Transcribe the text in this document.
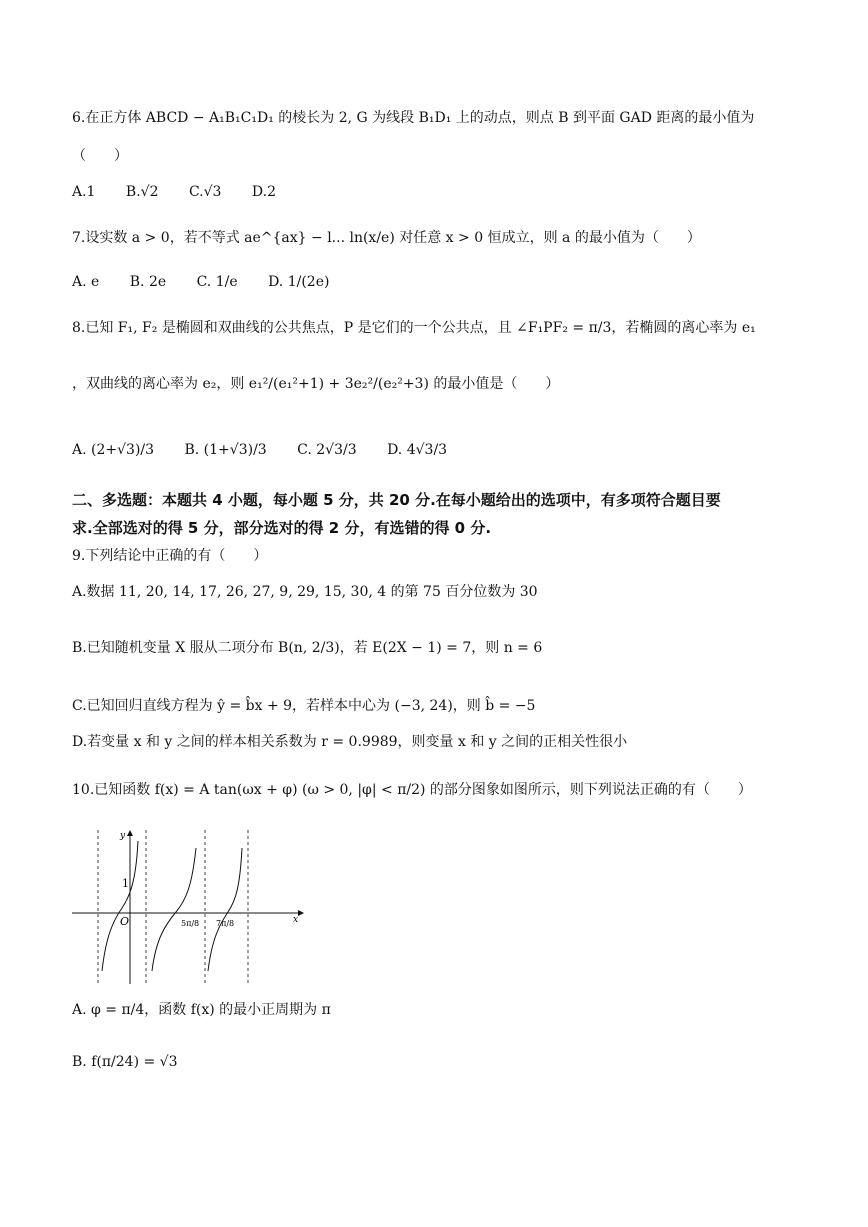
6.在正方体 ABCD − A₁B₁C₁D₁ 的棱长为 2, G 为线段 B₁D₁ 上的动点，则点 B 到平面 GAD 距离的最小值为
（　　）
A.1 B.√2 C.√3 D.2
7.设实数 a > 0，若不等式 ae^{ax} − l... ln(x/e) 对任意 x > 0 恒成立，则 a 的最小值为（　　）
A. e B. 2e C. 1/e D. 1/(2e)
8.已知 F₁, F₂ 是椭圆和双曲线的公共焦点，P 是它们的一个公共点，且 ∠F₁PF₂ = π/3，若椭圆的离心率为 e₁
，双曲线的离心率为 e₂，则 e₁²/(e₁²+1) + 3e₂²/(e₂²+3) 的最小值是（　　）
A. (2+√3)/3 B. (1+√3)/3 C. 2√3/3 D. 4√3/3
二、多选题：本题共 4 小题，每小题 5 分，共 20 分.在每小题给出的选项中，有多项符合题目要
求.全部选对的得 5 分，部分选对的得 2 分，有选错的得 0 分.
9.下列结论中正确的有（　　）
A.数据 11, 20, 14, 17, 26, 27, 9, 29, 15, 30, 4 的第 75 百分位数为 30
B.已知随机变量 X 服从二项分布 B(n, 2/3)，若 E(2X − 1) = 7，则 n = 6
C.已知回归直线方程为 ŷ = b̂x + 9，若样本中心为 (−3, 24)，则 b̂ = −5
D.若变量 x 和 y 之间的样本相关系数为 r = 0.9989，则变量 x 和 y 之间的正相关性很小
10.已知函数 f(x) = A tan(ωx + φ) (ω > 0, |φ| < π/2) 的部分图象如图所示，则下列说法正确的有（　　）
y
x
O
1
5π/8 7π/8
A. φ = π/4，函数 f(x) 的最小正周期为 π
B. f(π/24) = √3
